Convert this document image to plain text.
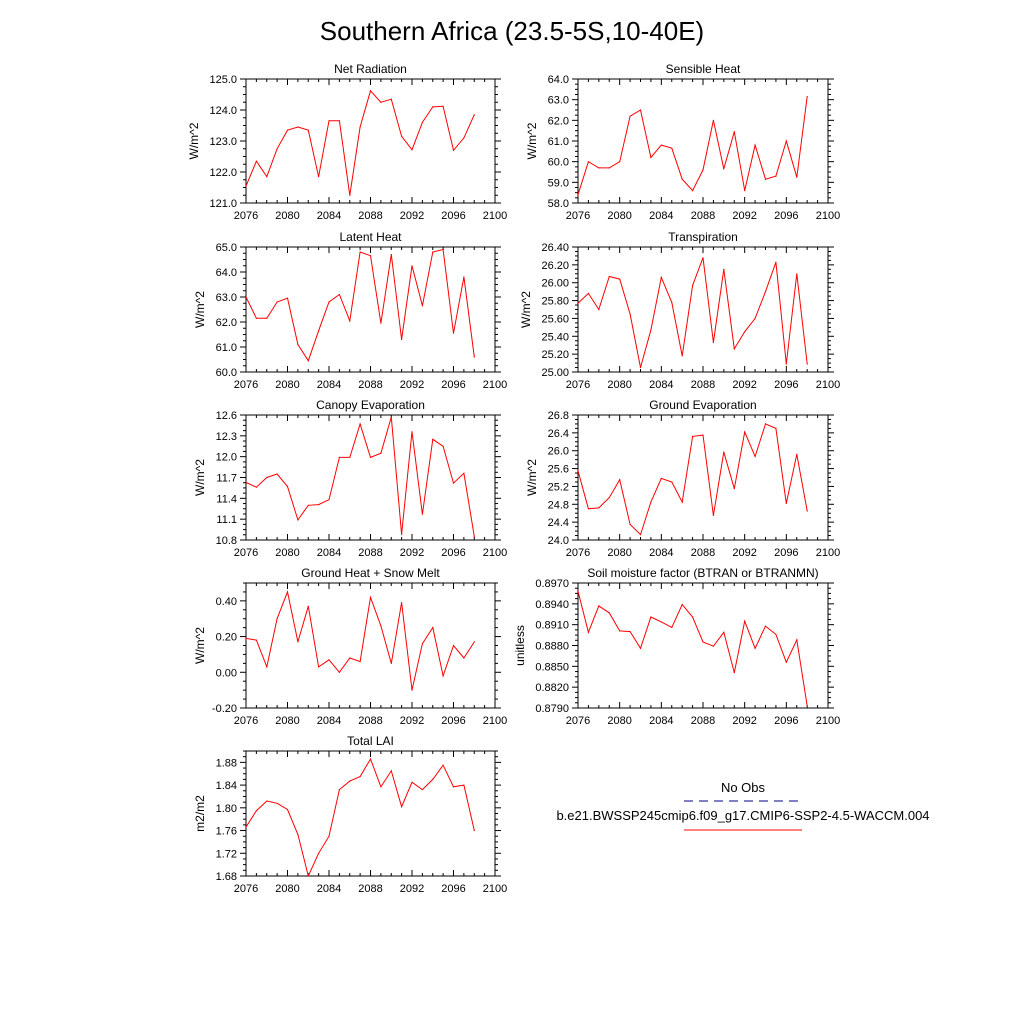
Southern Africa (23.5-5S,10-40E)
2076 2080 2084 2088 2092 2096 2100
121.0
122.0
123.0
124.0
125.0
Net Radiation
W/m^2
2076 2080 2084 2088 2092 2096 2100
58.0
59.0
60.0
61.0
62.0
63.0
64.0
Sensible Heat
W/m^2
2076 2080 2084 2088 2092 2096 2100
60.0
61.0
62.0
63.0
64.0
65.0
Latent Heat
W/m^2
2076 2080 2084 2088 2092 2096 2100
25.00
25.20
25.40
25.60
25.80
26.00
26.20
26.40
Transpiration
W/m^2
2076 2080 2084 2088 2092 2096 2100
10.8
11.1
11.4
11.7
12.0
12.3
12.6
Canopy Evaporation
W/m^2
2076 2080 2084 2088 2092 2096 2100
24.0
24.4
24.8
25.2
25.6
26.0
26.4
26.8
Ground Evaporation
W/m^2
2076 2080 2084 2088 2092 2096 2100
-0.20
0.00
0.20
0.40
Ground Heat + Snow Melt
W/m^2
2076 2080 2084 2088 2092 2096 2100
0.8790
0.8820
0.8850
0.8880
0.8910
0.8940
0.8970
Soil moisture factor (BTRAN or BTRANMN)
unitless
2076 2080 2084 2088 2092 2096 2100
1.68
1.72
1.76
1.80
1.84
1.88
Total LAI
m2/m2
No Obs
b.e21.BWSSP245cmip6.f09_g17.CMIP6-SSP2-4.5-WACCM.004
